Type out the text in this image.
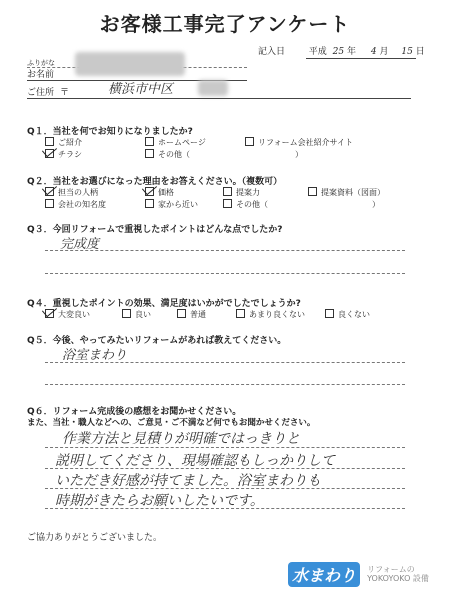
お客様工事完了アンケート
記入日	平成 25 年 4 月 15 日
ふりがな
お名前
ご住所 〒	横浜市中区
Q１．当社を何でお知りになりましたか?
ご紹介	ホームページ	リフォーム会社紹介サイト
チラシ	その他（	）
Q２．当社をお選びになった理由をお答えください。（複数可）
担当の人柄	価格	提案力	提案資料（図面）
会社の知名度	家から近い	その他（	）
Q３．今回リフォームで重視したポイントはどんな点でしたか?
完成度
Q４．重視したポイントの効果、満足度はいかがでしたでしょうか?
大変良い	良い	普通	あまり良くない	良くない
Q５．今後、やってみたいリフォームがあれば教えてください。
浴室まわり
Q６．リフォーム完成後の感想をお聞かせください。
また、当社・職人などへの、ご意見・ご不満など何でもお聞かせください。
作業方法と見積りが明確ではっきりと
説明してくださり、現場確認もしっかりして
いただき好感が持てました。浴室まわりも
時期がきたらお願いしたいです。
ご協力ありがとうございました。
水まわり リフォームの
YOKOYOKO 設備
